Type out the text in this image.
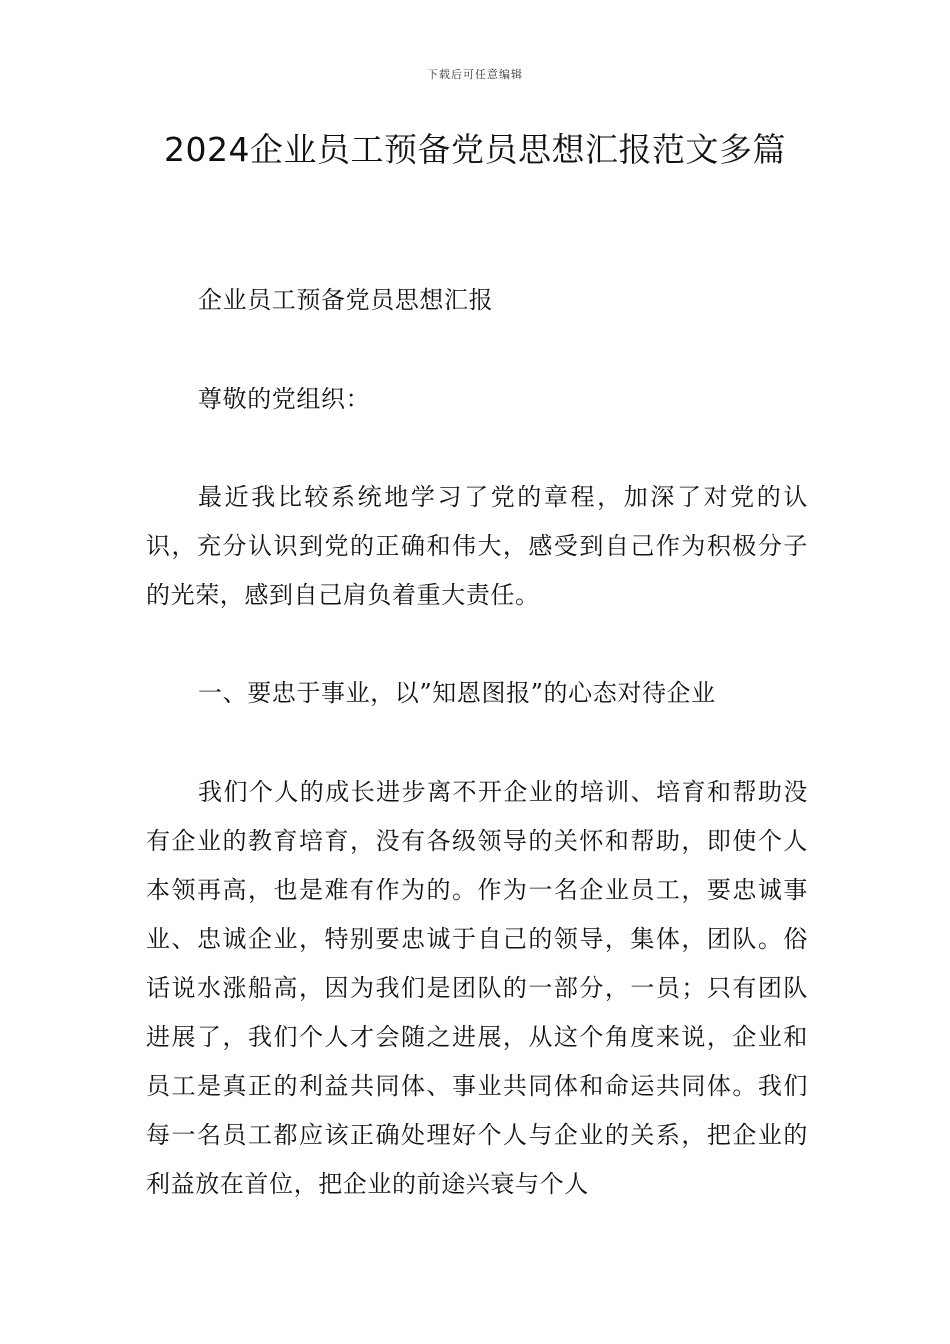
下载后可任意编辑
2024企业员工预备党员思想汇报范文多篇

企业员工预备党员思想汇报

尊敬的党组织：

最近我比较系统地学习了党的章程，加深了对党的认识，充分认识到党的正确和伟大，感受到自己作为积极分子的光荣，感到自己肩负着重大责任。

一、要忠于事业，以”知恩图报”的心态对待企业

我们个人的成长进步离不开企业的培训、培育和帮助没有企业的教育培育，没有各级领导的关怀和帮助，即使个人本领再高，也是难有作为的。作为一名企业员工，要忠诚事业、忠诚企业，特别要忠诚于自己的领导，集体，团队。俗话说水涨船高，因为我们是团队的一部分，一员；只有团队进展了，我们个人才会随之进展，从这个角度来说，企业和员工是真正的利益共同体、事业共同体和命运共同体。我们每一名员工都应该正确处理好个人与企业的关系，把企业的利益放在首位，把企业的前途兴衰与个人
